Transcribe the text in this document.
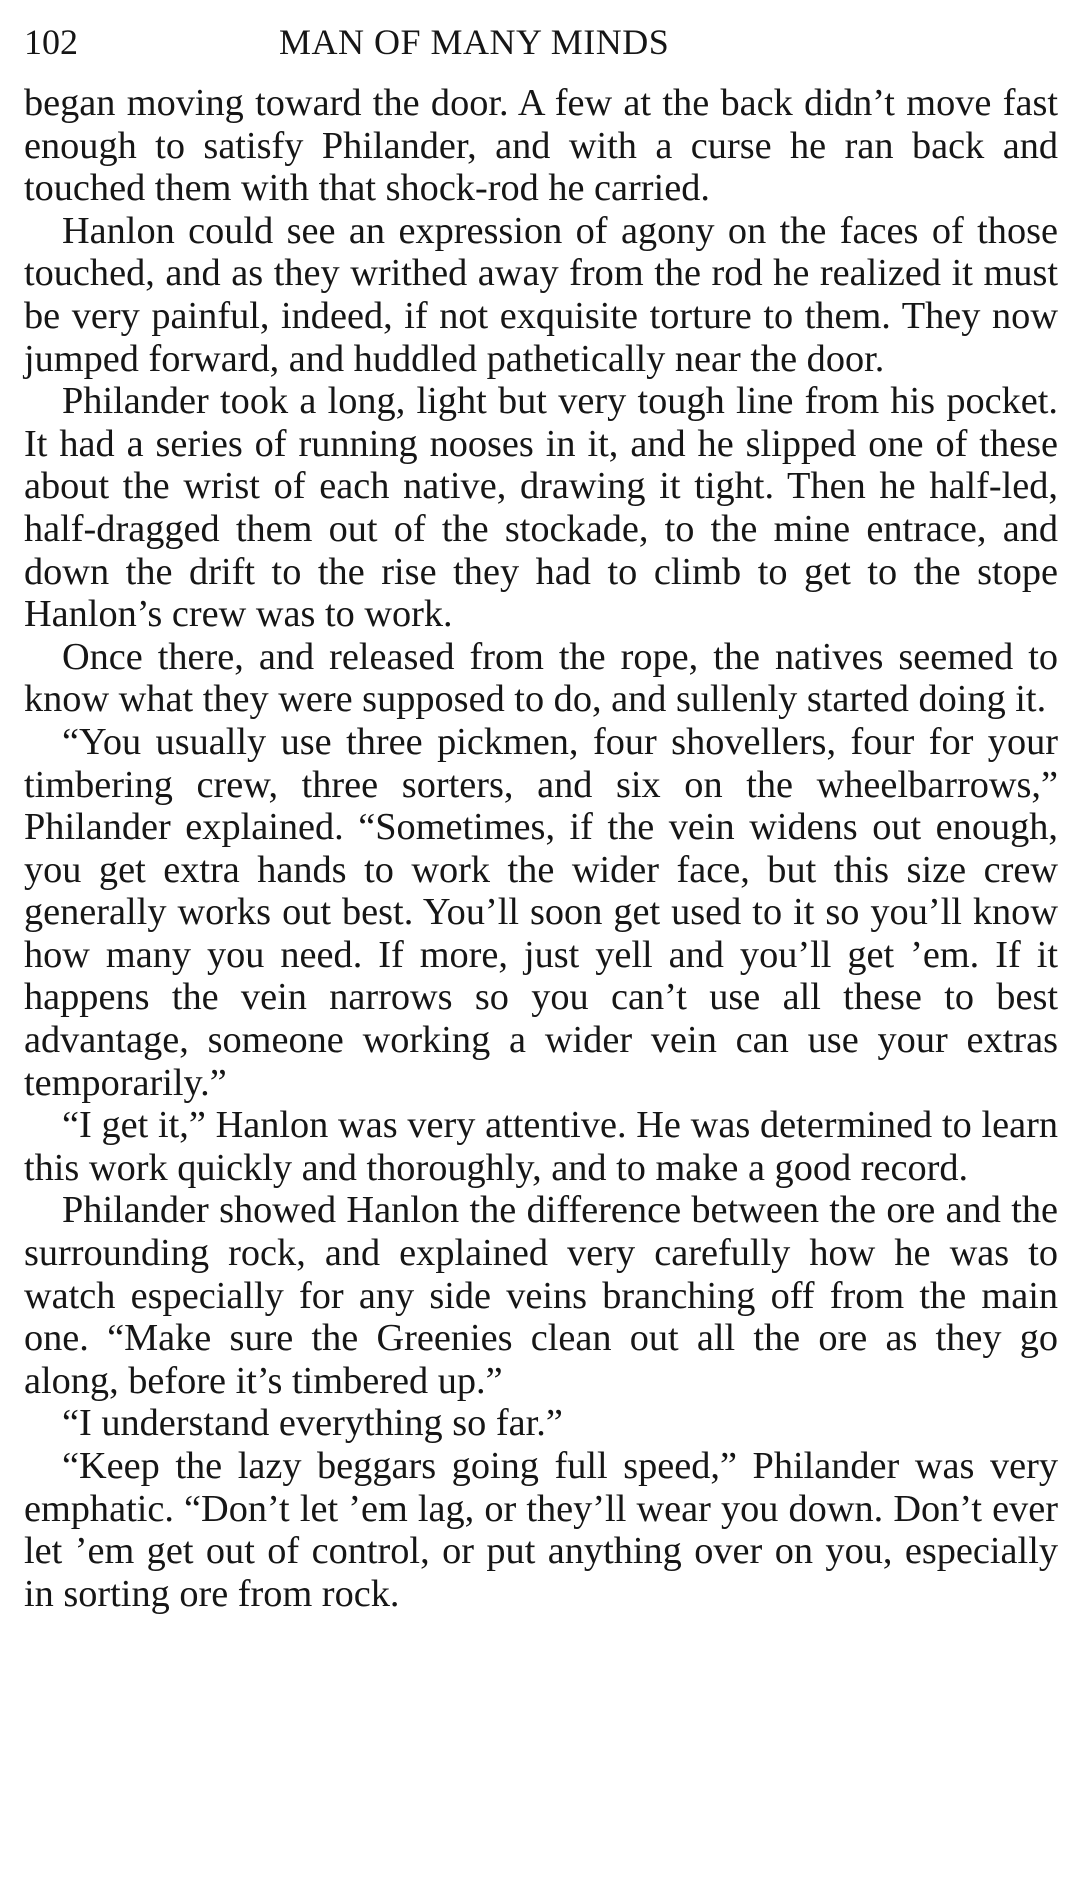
102	MAN OF MANY MINDS

began moving toward the door. A few at the back didn’t move fast enough to satisfy Philander, and with a curse he ran back and touched them with that shock-rod he carried.

Hanlon could see an expression of agony on the faces of those touched, and as they writhed away from the rod he realized it must be very painful, indeed, if not exquisite torture to them. They now jumped forward, and huddled pathetically near the door.

Philander took a long, light but very tough line from his pocket. It had a series of running nooses in it, and he slipped one of these about the wrist of each native, drawing it tight. Then he half-led, half-dragged them out of the stockade, to the mine entrace, and down the drift to the rise they had to climb to get to the stope Hanlon’s crew was to work.

Once there, and released from the rope, the natives seemed to know what they were supposed to do, and sullenly started doing it.

“You usually use three pickmen, four shovellers, four for your timbering crew, three sorters, and six on the wheelbarrows,” Philander explained. “Sometimes, if the vein widens out enough, you get extra hands to work the wider face, but this size crew generally works out best. You’ll soon get used to it so you’ll know how many you need. If more, just yell and you’ll get ’em. If it happens the vein narrows so you can’t use all these to best advantage, someone working a wider vein can use your extras temporarily.”

“I get it,” Hanlon was very attentive. He was determined to learn this work quickly and thoroughly, and to make a good record.

Philander showed Hanlon the difference between the ore and the surrounding rock, and explained very carefully how he was to watch especially for any side veins branching off from the main one. “Make sure the Greenies clean out all the ore as they go along, before it’s timbered up.”

“I understand everything so far.”

“Keep the lazy beggars going full speed,” Philander was very emphatic. “Don’t let ’em lag, or they’ll wear you down. Don’t ever let ’em get out of control, or put anything over on you, especially in sorting ore from rock.
